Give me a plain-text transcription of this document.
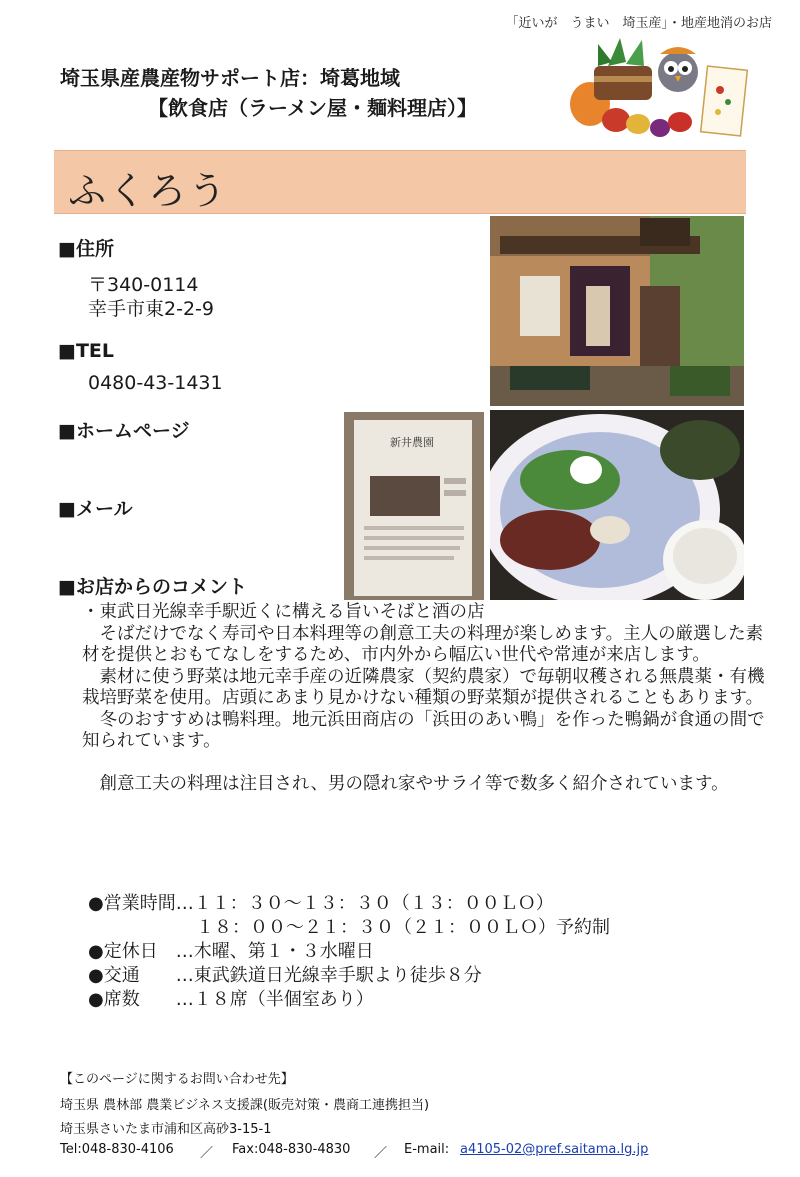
「近いが　うまい　埼玉産」・地産地消のお店
埼玉県産農産物サポート店：埼葛地域
【飲食店（ラーメン屋・麺料理店）】
ふくろう
■住所
〒340-0114
幸手市東2-2-9
■TEL
0480-43-1431
■ホームページ
■メール
■お店からのコメント
新井農園

・東武日光線幸手駅近くに構える旨いそばと酒の店

　そばだけでなく寿司や日本料理等の創意工夫の料理が楽しめます。主人の厳選した素材を提供とおもてなしをするため、市内外から幅広い世代や常連が来店します。

　素材に使う野菜は地元幸手産の近隣農家（契約農家）で毎朝収穫される無農薬・有機栽培野菜を使用。店頭にあまり見かけない種類の野菜類が提供されることもあります。

　冬のおすすめは鴨料理。地元浜田商店の「浜田のあい鴨」を作った鴨鍋が食通の間で知られています。

　創意工夫の料理は注目され、男の隠れ家やサライ等で数多く紹介されています。

●営業時間…１１：３０～１３：３０（１３：００ＬＯ）
　　　　　　１８：００～２１：３０（２１：００ＬＯ）予約制
●定休日　…木曜、第１・３水曜日
●交通　　…東武鉄道日光線幸手駅より徒歩８分
●席数　　…１８席（半個室あり）
【このページに関するお問い合わせ先】
埼玉県 農林部 農業ビジネス支援課(販売対策・農商工連携担当)
埼玉県さいたま市浦和区高砂3-15-1
Tel:048-830-4106 ／ Fax:048-830-4830 ／ E-mail: a4105-02@pref.saitama.lg.jp
